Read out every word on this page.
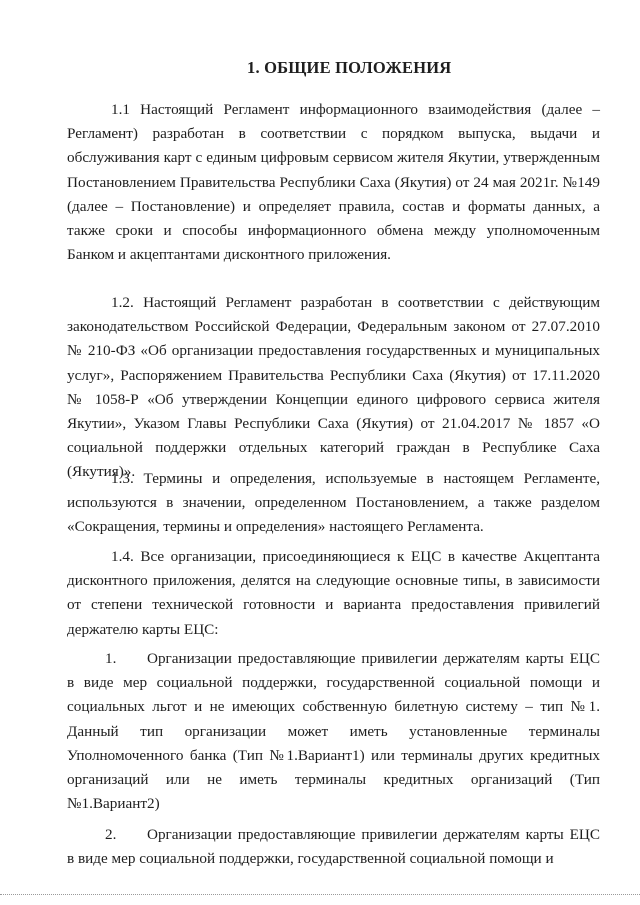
1. ОБЩИЕ ПОЛОЖЕНИЯ

1.1 Настоящий Регламент информационного взаимодействия (далее – Регламент) разработан в соответствии с порядком выпуска, выдачи и обслуживания карт с единым цифровым сервисом жителя Якутии, утвержденным Постановлением Правительства Республики Саха (Якутия) от 24 мая 2021г. №149 (далее – Постановление) и определяет правила, состав и форматы данных, а также сроки и способы информационного обмена между уполномоченным Банком и акцептантами дисконтного приложения.

1.2. Настоящий Регламент разработан в соответствии с действующим законодательством Российской Федерации, Федеральным законом от 27.07.2010 № 210-ФЗ «Об организации предоставления государственных и муниципальных услуг», Распоряжением Правительства Республики Саха (Якутия) от 17.11.2020 № 1058-Р «Об утверждении Концепции единого цифрового сервиса жителя Якутии», Указом Главы Республики Саха (Якутия) от 21.04.2017 № 1857 «О социальной поддержки отдельных категорий граждан в Республике Саха (Якутия)».

1.3. Термины и определения, используемые в настоящем Регламенте, используются в значении, определенном Постановлением, а также разделом «Сокращения, термины и определения» настоящего Регламента.

1.4. Все организации, присоединяющиеся к ЕЦС в качестве Акцептанта дисконтного приложения, делятся на следующие основные типы, в зависимости от степени технической готовности и варианта предоставления привилегий держателю карты ЕЦС:

1. Организации предоставляющие привилегии держателям карты ЕЦС в виде мер социальной поддержки, государственной социальной помощи и социальных льгот и не имеющих собственную билетную систему – тип №1. Данный тип организации может иметь установленные терминалы Уполномоченного банка (Тип №1.Вариант1) или терминалы других кредитных организаций или не иметь терминалы кредитных организаций (Тип №1.Вариант2)

2. Организации предоставляющие привилегии держателям карты ЕЦС в виде мер социальной поддержки, государственной социальной помощи и
